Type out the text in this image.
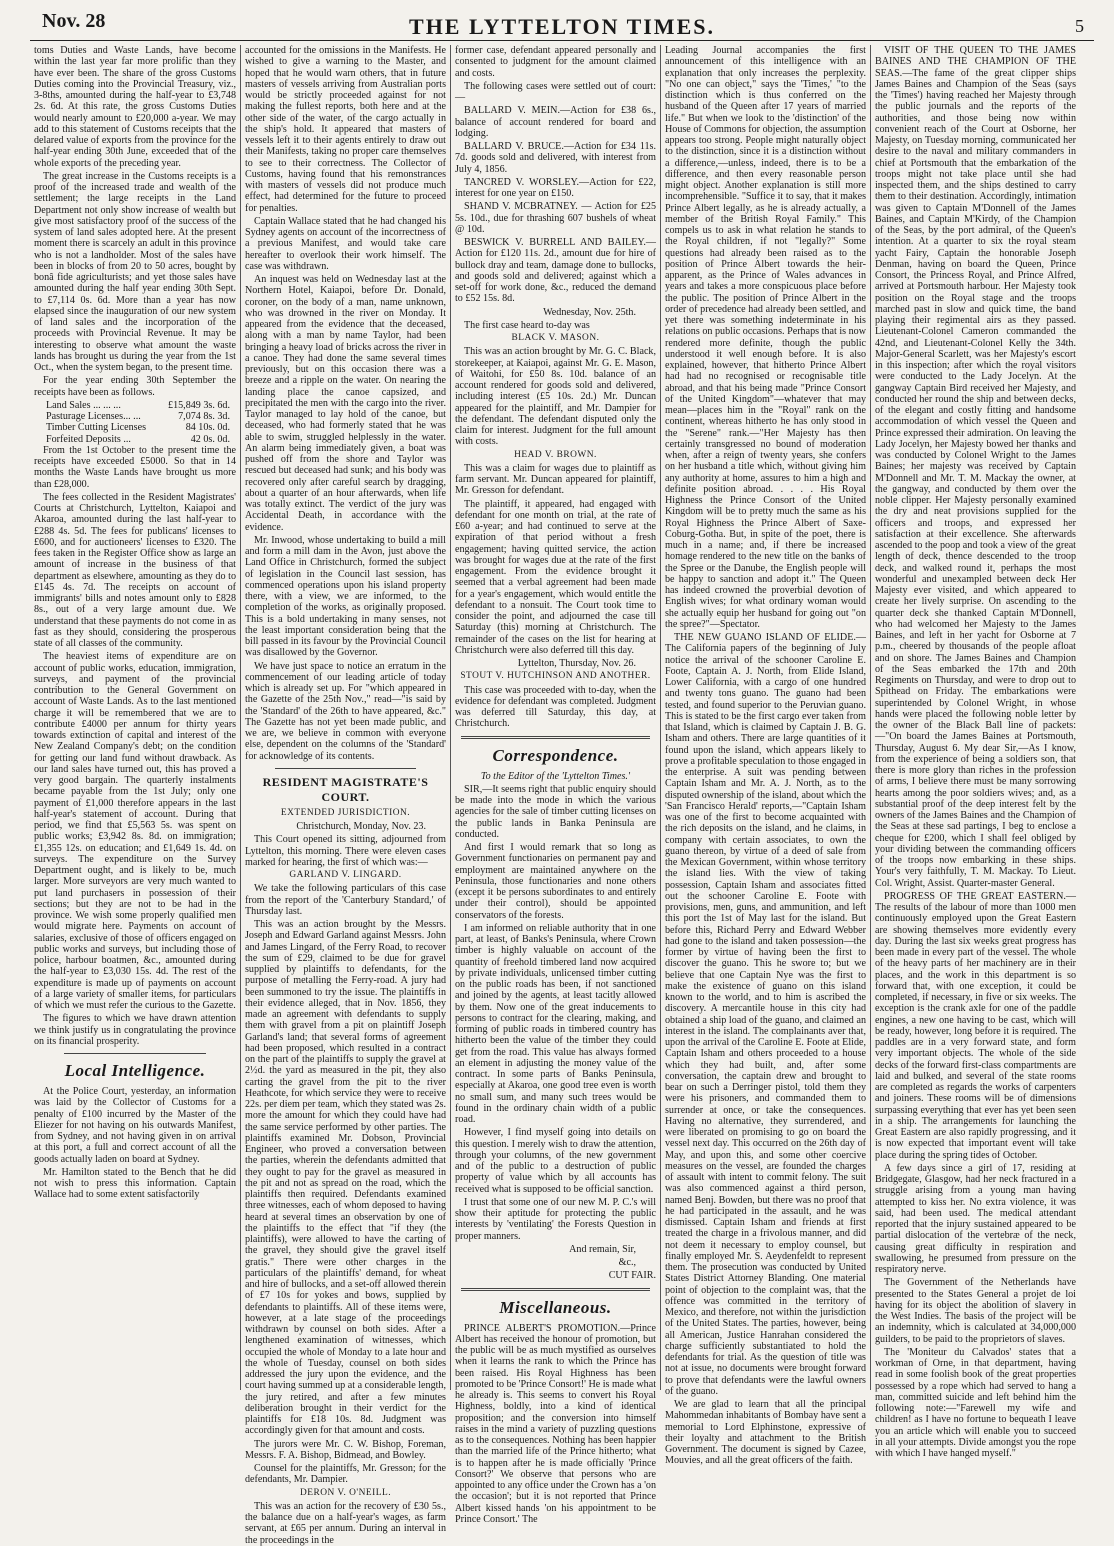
Nov. 28	THE LYTTELTON TIMES.	5

toms Duties and Waste Lands, have become within the last year far more prolific than they have ever been. The share of the gross Customs Duties coming into the Provincial Treasury, viz., 3-8ths, amounted during the half-year to £3,748 2s. 6d. At this rate, the gross Customs Duties would nearly amount to £20,000 a-year. We may add to this statement of Customs receipts that the delared value of exports from the province for the half-year ending 30th June, exceeded that of the whole exports of the preceding year.

The great increase in the Customs receipts is a proof of the increased trade and wealth of the settlement; the large receipts in the Land Department not only show increase of wealth but give most satisfactory proof of the success of the system of land sales adopted here. At the present moment there is scarcely an adult in this province who is not a landholder. Most of the sales have been in blocks of from 20 to 50 acres, bought by bonâ fide agriculturists; and yet those sales have amounted during the half year ending 30th Sept. to £7,114 0s. 6d. More than a year has now elapsed since the inauguration of our new system of land sales and the incorporation of the proceeds with Provincial Revenue. It may be interesting to observe what amount the waste lands has brought us during the year from the 1st Oct., when the system began, to the present time.

For the year ending 30th September the receipts have been as follows.

Land Sales ... ... ...	£15,849 3s. 6d.
Pasturage Licenses... ...	7,074 8s. 3d.
Timber Cutting Licenses	84 10s. 0d.
Forfeited Deposits ...	42 0s. 0d.

From the 1st October to the present time the receipts have exceeded £5000. So that in 14 months the Waste Lands have brought us more than £28,000.

The fees collected in the Resident Magistrates' Courts at Christchurch, Lyttelton, Kaiapoi and Akaroa, amounted during the last half-year to £288 4s. 5d. The fees for publicans' licenses to £600, and for auctioneers' licenses to £320. The fees taken in the Register Office show as large an amount of increase in the business of that department as elsewhere, amounting as they do to £145 4s. 7d. The receipts on account of immigrants' bills and notes amount only to £828 8s., out of a very large amount due. We understand that these payments do not come in as fast as they should, considering the prosperous state of all classes of the community.

The heaviest items of expenditure are on account of public works, education, immigration, surveys, and payment of the provincial contribution to the General Government on account of Waste Lands. As to the last mentioned charge it will be remembered that we are to contribute £4000 per annum for thirty years towards extinction of capital and interest of the New Zealand Company's debt; on the condition for getting our land fund without drawback. As our land sales have turned out, this has proved a very good bargain. The quarterly instalments became payable from the 1st July; only one payment of £1,000 therefore appears in the last half-year's statement of account. During that period, we find that £5,563 5s. was spent on public works; £3,942 8s. 8d. on immigration; £1,355 12s. on education; and £1,649 1s. 4d. on surveys. The expenditure on the Survey Department ought, and is likely to be, much larger. More surveyors are very much wanted to put land purchasers in possession of their sections; but they are not to be had in the province. We wish some properly qualified men would migrate here. Payments on account of salaries, exclusive of those of officers engaged on public works and surveys, but including those of police, harbour boatmen, &c., amounted during the half-year to £3,030 15s. 4d. The rest of the expenditure is made up of payments on account of a large variety of smaller items, for particulars of which we must refer the curious to the Gazette.

The figures to which we have drawn attention we think justify us in congratulating the province on its financial prosperity.

Local Intelligence.

At the Police Court, yesterday, an information was laid by the Collector of Customs for a penalty of £100 incurred by the Master of the Eliezer for not having on his outwards Manifest, from Sydney, and not having given in on arrival at this port, a full and correct account of all the goods actually laden on board at Sydney.

Mr. Hamilton stated to the Bench that he did not wish to press this information. Captain Wallace had to some extent satisfactorily

accounted for the omissions in the Manifests. He wished to give a warning to the Master, and hoped that he would warn others, that in future masters of vessels arriving from Australian ports would be strictly proceeded against for not making the fullest reports, both here and at the other side of the water, of the cargo actually in the ship's hold. It appeared that masters of vessels left it to their agents entirely to draw out their Manifests, taking no proper care themselves to see to their correctness. The Collector of Customs, having found that his remonstrances with masters of vessels did not produce much effect, had determined for the future to proceed for penalties.

Captain Wallace stated that he had changed his Sydney agents on account of the incorrectness of a previous Manifest, and would take care hereafter to overlook their work himself. The case was withdrawn.

An inquest was held on Wednesday last at the Northern Hotel, Kaiapoi, before Dr. Donald, coroner, on the body of a man, name unknown, who was drowned in the river on Monday. It appeared from the evidence that the deceased, along with a man by name Taylor, had been bringing a heavy load of bricks across the river in a canoe. They had done the same several times previously, but on this occasion there was a breeze and a ripple on the water. On nearing the landing place the canoe capsized, and precipitated the men with the cargo into the river. Taylor managed to lay hold of the canoe, but deceased, who had formerly stated that he was able to swim, struggled helplessly in the water. An alarm being immediately given, a boat was pushed off from the shore and Taylor was rescued but deceased had sunk; and his body was recovered only after careful search by dragging, about a quarter of an hour afterwards, when life was totally extinct. The verdict of the jury was Accidental Death, in accordance with the evidence.

Mr. Inwood, whose undertaking to build a mill and form a mill dam in the Avon, just above the Land Office in Christchurch, formed the subject of legislation in the Council last session, has commenced operations upon his island property there, with a view, we are informed, to the completion of the works, as originally proposed. This is a bold undertaking in many senses, not the least important consideration being that the bill passed in its favour by the Provincial Council was disallowed by the Governor.

We have just space to notice an erratum in the commencement of our leading article of today which is already set up. For "which appeared in the Gazette of the 25th Nov.," read—"is said by the 'Standard' of the 26th to have appeared, &c." The Gazette has not yet been made public, and we are, we believe in common with everyone else, dependent on the columns of the 'Standard' for acknowledge of its contents.

RESIDENT MAGISTRATE'S COURT.

EXTENDED JURISDICTION.

Christchurch, Monday, Nov. 23.

This Court opened its sitting, adjourned from Lyttelton, this morning. There were eleven cases marked for hearing, the first of which was:—

GARLAND V. LINGARD.

We take the following particulars of this case from the report of the 'Canterbury Standard,' of Thursday last.

This was an action brought by the Messrs. Joseph and Edward Garland against Messrs. John and James Lingard, of the Ferry Road, to recover the sum of £29, claimed to be due for gravel supplied by plaintiffs to defendants, for the purpose of metalling the Ferry-road. A jury had been summoned to try the issue. The plaintiffs in their evidence alleged, that in Nov. 1856, they made an agreement with defendants to supply them with gravel from a pit on plaintiff Joseph Garland's land; that several forms of agreement had been proposed, which resulted in a contract on the part of the plaintiffs to supply the gravel at 2½d. the yard as measured in the pit, they also carting the gravel from the pit to the river Heathcote, for which service they were to receive 22s. per diem per team, which they stated was 2s. more the amount for which they could have had the same service performed by other parties. The plaintiffs examined Mr. Dobson, Provincial Engineer, who proved a conversation between the parties, wherein the defendants admitted that they ought to pay for the gravel as measured in the pit and not as spread on the road, which the plaintiffs then required. Defendants examined three witnesses, each of whom deposed to having heard at several times an observation by one of the plaintiffs to the effect that "if they (the plaintiffs), were allowed to have the carting of the gravel, they should give the gravel itself gratis." There were other charges in the particulars of the plaintiffs' demand, for wheat and hire of bullocks, and a set-off allowed therein of £7 10s for yokes and bows, supplied by defendants to plaintiffs. All of these items were, however, at a late stage of the proceedings withdrawn by counsel on both sides. After a lengthened examination of witnesses, which occupied the whole of Monday to a late hour and the whole of Tuesday, counsel on both sides addressed the jury upon the evidence, and the court having summed up at a considerable length, the jury retired, and after a few minutes deliberation brought in their verdict for the plaintiffs for £18 10s. 8d. Judgment was accordingly given for that amount and costs.

The jurors were Mr. C. W. Bishop, Foreman, Messrs. F. A. Bishop, Bidmead, and Bowley.

Counsel for the plaintiffs, Mr. Gresson; for the defendants, Mr. Dampier.

DERON V. O'NEILL.

This was an action for the recovery of £30 5s., the balance due on a half-year's wages, as farm servant, at £65 per annum. During an interval in the proceedings in the

former case, defendant appeared personally and consented to judgment for the amount claimed and costs.

The following cases were settled out of court:—

BALLARD V. MEIN.—Action for £38 6s., balance of account rendered for board and lodging.

BALLARD V. BRUCE.—Action for £34 11s. 7d. goods sold and delivered, with interest from July 4, 1856.

TANCRED V. WORSLEY.—Action for £22, interest for one year on £150.

SHAND V. MCBRATNEY. — Action for £25 5s. 10d., due for thrashing 607 bushels of wheat @ 10d.

BESWICK V. BURRELL AND BAILEY.—Action for £120 11s. 2d., amount due for hire of bullock dray and team, damage done to bullocks, and goods sold and delivered; against which a set-off for work done, &c., reduced the demand to £52 15s. 8d.

Wednesday, Nov. 25th.

The first case heard to-day was

BLACK V. MASON.

This was an action brought by Mr. G. C. Black, storekeeper, at Kaiapoi, against Mr. G. E. Mason, of Waitohi, for £50 8s. 10d. balance of an account rendered for goods sold and delivered, including interest (£5 10s. 2d.) Mr. Duncan appeared for the plaintiff, and Mr. Dampier for the defendant. The defendant disputed only the claim for interest. Judgment for the full amount with costs.

HEAD V. BROWN.

This was a claim for wages due to plaintiff as farm servant. Mr. Duncan appeared for plaintiff, Mr. Gresson for defendant.

The plaintiff, it appeared, had engaged with defendant for one month on trial, at the rate of £60 a-year; and had continued to serve at the expiration of that period without a fresh engagement; having quitted service, the action was brought for wages due at the rate of the first engagement. From the evidence brought it seemed that a verbal agreement had been made for a year's engagement, which would entitle the defendant to a nonsuit. The Court took time to consider the point, and adjourned the case till Saturday (this) morning at Christchurch. The remainder of the cases on the list for hearing at Christchurch were also deferred till this day.

Lyttelton, Thursday, Nov. 26.

STOUT V. HUTCHINSON AND ANOTHER.

This case was proceeded with to-day, when the evidence for defendant was completed. Judgment was deferred till Saturday, this day, at Christchurch.

Correspondence.

To the Editor of the 'Lyttelton Times.'

SIR,—It seems right that public enquiry should be made into the mode in which the various agencies for the sale of timber cutting licenses on the public lands in Banka Peninsula are conducted.

And first I would remark that so long as Government functionaries on permanent pay and employment are maintained anywhere on the Peninsula, those functionaries and none others (except it be persons subordinates to and entirely under their control), should be appointed conservators of the forests.

I am informed on reliable authority that in one part, at least, of Banks's Peninsula, where Crown timber is highly valuable on account of the quantity of freehold timbered land now acquired by private individuals, unlicensed timber cutting on the public roads has been, if not sanctioned and joined by the agents, at least tacitly allowed by them. Now one of the great inducements to persons to contract for the clearing, making, and forming of public roads in timbered country has hitherto been the value of the timber they could get from the road. This value has always formed an element in adjusting the money value of the contract. In some parts of Banks Peninsula, especially at Akaroa, one good tree even is worth no small sum, and many such trees would be found in the ordinary chain width of a public road.

However, I find myself going into details on this question. I merely wish to draw the attention, through your columns, of the new government and of the public to a destruction of public property of value which by all accounts has received what is supposed to be official sanction.

I trust that some one of our new M. P. C.'s will show their aptitude for protecting the public interests by 'ventilating' the Forests Question in proper manners.

And remain, Sir,

&c.,

CUT FAIR.

Miscellaneous.

PRINCE ALBERT'S PROMOTION.—Prince Albert has received the honour of promotion, but the public will be as much mystified as ourselves when it learns the rank to which the Prince has been raised. His Royal Highness has been promoted to be 'Prince Consort!' He is made what he already is. This seems to convert his Royal Highness, boldly, into a kind of identical proposition; and the conversion into himself raises in the mind a variety of puzzling questions as to the consequences. Nothing has been happier than the married life of the Prince hitherto; what is to happen after he is made officially 'Prince Consort?' We observe that persons who are appointed to any office under the Crown has a 'on the occasion'; but it is not reported that Prince Albert kissed hands 'on his appointment to be Prince Consort.' The

Leading Journal accompanies the first announcement of this intelligence with an explanation that only increases the perplexity. "No one can object," says the 'Times,' "to the distinction which is thus conferred on the husband of the Queen after 17 years of married life." But when we look to the 'distinction' of the House of Commons for objection, the assumption appears too strong. People might naturally object to the distinction, since it is a distinction without a difference,—unless, indeed, there is to be a difference, and then every reasonable person might object. Another explanation is still more incomprehensible. "Suffice it to say, that it makes Prince Albert legally, as he is already actually, a member of the British Royal Family." This compels us to ask in what relation he stands to the Royal children, if not "legally?" Some questions had already been raised as to the position of Prince Albert towards the heir-apparent, as the Prince of Wales advances in years and takes a more conspicuous place before the public. The position of Prince Albert in the order of precedence had already been settled, and yet there was something indeterminate in his relations on public occasions. Perhaps that is now rendered more definite, though the public understood it well enough before. It is also explained, however, that hitherto Prince Albert had had no recognised or recognisable title abroad, and that his being made "Prince Consort of the United Kingdom"—whatever that may mean—places him in the "Royal" rank on the continent, whereas hitherto he has only stood in the "Serene" rank.—"Her Majesty has then certainly transgressed no bound of moderation when, after a reign of twenty years, she confers on her husband a title which, without giving him any authority at home, assures to him a high and definite position abroad. . . . . His Royal Highness the Prince Consort of the United Kingdom will be to pretty much the same as his Royal Highness the Prince Albert of Saxe-Coburg-Gotha. But, in spite of the poet, there is much in a name; and, if there be increased homage rendered to the new title on the banks of the Spree or the Danube, the English people will be happy to sanction and adopt it." The Queen has indeed crowned the proverbial devotion of English wives; for what ordinary woman would she actually equip her husband for going out "on the spree?"—Spectator.

THE NEW GUANO ISLAND OF ELIDE.—The California papers of the beginning of July notice the arrival of the schooner Caroline E. Foote, Captain A. J. North, from Elide Island, Lower California, with a cargo of one hundred and twenty tons guano. The guano had been tested, and found superior to the Peruvian guano. This is stated to be the first cargo ever taken from that Island, which is claimed by Captain J. B. G. Isham and others. There are large quantities of it found upon the island, which appears likely to prove a profitable speculation to those engaged in the enterprise. A suit was pending between Captain Isham and Mr. A. J. North, as to the disputed ownership of the island, about which the 'San Francisco Herald' reports,—"Captain Isham was one of the first to become acquainted with the rich deposits on the island, and he claims, in company with certain associates, to own the guano thereon, by virtue of a deed of sale from the Mexican Government, within whose territory the island lies. With the view of taking possession, Captain Isham and associates fitted out the schooner Caroline E. Foote with provisions, men, guns, and ammunition, and left this port the 1st of May last for the island. But before this, Richard Perry and Edward Webber had gone to the island and taken possession—the former by virtue of having been the first to discover the guano. This he swore to; but we believe that one Captain Nye was the first to make the existence of guano on this island known to the world, and to him is ascribed the discovery. A mercantile house in this city had obtained a ship load of the guano, and claimed an interest in the island. The complainants aver that, upon the arrival of the Caroline E. Foote at Elide, Captain Isham and others proceeded to a house which they had built, and, after some conversation, the captain drew and brought to bear on such a Derringer pistol, told them they were his prisoners, and commanded them to surrender at once, or take the consequences. Having no alternative, they surrendered, and were liberated on promising to go on board the vessel next day. This occurred on the 26th day of May, and upon this, and some other coercive measures on the vessel, are founded the charges of assault with intent to commit felony. The suit was also commenced against a third person, named Benj. Bowden, but there was no proof that he had participated in the assault, and he was dismissed. Captain Isham and friends at first treated the charge in a frivolous manner, and did not deem it necessary to employ counsel, but finally employed Mr. S. Aeydenfeldt to represent them. The prosecution was conducted by United States District Attorney Blanding. One material point of objection to the complaint was, that the offence was committed in the territory of Mexico, and therefore, not within the jurisdiction of the United States. The parties, however, being all American, Justice Hanrahan considered the charge sufficiently substantiated to hold the defendants for trial. As the question of title was not at issue, no documents were brought forward to prove that defendants were the lawful owners of the guano.

We are glad to learn that all the principal Mahommedan inhabitants of Bombay have sent a memorial to Lord Elphinstone, expressive of their loyalty and attachment to the British Government. The document is signed by Cazee, Mouvies, and all the great officers of the faith.

VISIT OF THE QUEEN TO THE JAMES BAINES AND THE CHAMPION OF THE SEAS.—The fame of the great clipper ships James Baines and Champion of the Seas (says the 'Times') having reached her Majesty through the public journals and the reports of the authorities, and those being now within convenient reach of the Court at Osborne, her Majesty, on Tuesday morning, communicated her desire to the naval and military commanders in chief at Portsmouth that the embarkation of the troops might not take place until she had inspected them, and the ships destined to carry them to their destination. Accordingly, intimation was given to Captain M'Donnell of the James Baines, and Captain M'Kirdy, of the Champion of the Seas, by the port admiral, of the Queen's intention. At a quarter to six the royal steam yacht Fairy, Captain the honorable Joseph Denman, having on board the Queen, Prince Consort, the Princess Royal, and Prince Alfred, arrived at Portsmouth harbour. Her Majesty took position on the Royal stage and the troops marched past in slow and quick time, the band playing their regimental airs as they passed. Lieutenant-Colonel Cameron commanded the 42nd, and Lieutenant-Colonel Kelly the 34th. Major-General Scarlett, was her Majesty's escort in this inspection; after which the royal visitors were conducted to the Lady Jocelyn. At the gangway Captain Bird received her Majesty, and conducted her round the ship and between decks, of the elegant and costly fitting and handsome accommodation of which vessel the Queen and Prince expressed their admiration. On leaving the Lady Jocelyn, her Majesty bowed her thanks and was conducted by Colonel Wright to the James Baines; her majesty was received by Captain M'Donnell and Mr. T. M. Mackay the owner, at the gangway, and conducted by them over the noble clipper. Her Majesty personally examined the dry and neat provisions supplied for the officers and troops, and expressed her satisfaction at their excellence. She afterwards ascended to the poop and took a view of the great length of deck, thence descended to the troop deck, and walked round it, perhaps the most wonderful and unexampled between deck Her Majesty ever visited, and which appeared to create her lively surprise. On ascending to the quarter deck she thanked Captain M'Donnell, who had welcomed her Majesty to the James Baines, and left in her yacht for Osborne at 7 p.m., cheered by thousands of the people afloat and on shore. The James Baines and Champion of the Seas embarked the 17th and 20th Regiments on Thursday, and were to drop out to Spithead on Friday. The embarkations were superintended by Colonel Wright, in whose hands were placed the following noble letter by the owner of the Black Ball line of packets:—"On board the James Baines at Portsmouth, Thursday, August 6. My dear Sir,—As I know, from the experience of being a soldiers son, that there is more glory than riches in the profession of arms, I believe there must be many sorrowing hearts among the poor soldiers wives; and, as a substantial proof of the deep interest felt by the owners of the James Baines and the Champion of the Seas at these sad partings, I beg to enclose a cheque for £200, which I shall feel obliged by your dividing between the commanding officers of the troops now embarking in these ships. Your's very faithfully, T. M. Mackay. To Lieut. Col. Wright, Assist. Quarter-master General.

PROGRESS OF THE GREAT EASTERN.—The results of the labour of more than 1000 men continuously employed upon the Great Eastern are showing themselves more evidently every day. During the last six weeks great progress has been made in every part of the vessel. The whole of the heavy parts of her machinery are in their places, and the work in this department is so forward that, with one exception, it could be completed, if necessary, in five or six weeks. The exception is the crank axle for one of the paddle engines, a new one having to be cast, which will be ready, however, long before it is required. The paddles are in a very forward state, and form very important objects. The whole of the side decks of the forward first-class compartments are laid and bulked, and several of the state rooms are completed as regards the works of carpenters and joiners. These rooms will be of dimensions surpassing everything that ever has yet been seen in a ship. The arrangements for launching the Great Eastern are also rapidly progressing, and it is now expected that important event will take place during the spring tides of October.

A few days since a girl of 17, residing at Bridgegate, Glasgow, had her neck fractured in a struggle arising from a young man having attempted to kiss her. No extra violence, it was said, had been used. The medical attendant reported that the injury sustained appeared to be partial dislocation of the vertebræ of the neck, causing great difficulty in respiration and swallowing, he presumed from pressure on the respiratory nerve.

The Government of the Netherlands have presented to the States General a projet de loi having for its object the abolition of slavery in the West Indies. The basis of the project will be an indemnity, which is calculated at 34,000,000 guilders, to be paid to the proprietors of slaves.

The 'Moniteur du Calvados' states that a workman of Orne, in that department, having read in some foolish book of the great properties possessed by a rope which had served to hang a man, committed suicide and left behind him the following note:—"Farewell my wife and children! as I have no fortune to bequeath I leave you an article which will enable you to succeed in all your attempts. Divide amongst you the rope with which I have hanged myself."
